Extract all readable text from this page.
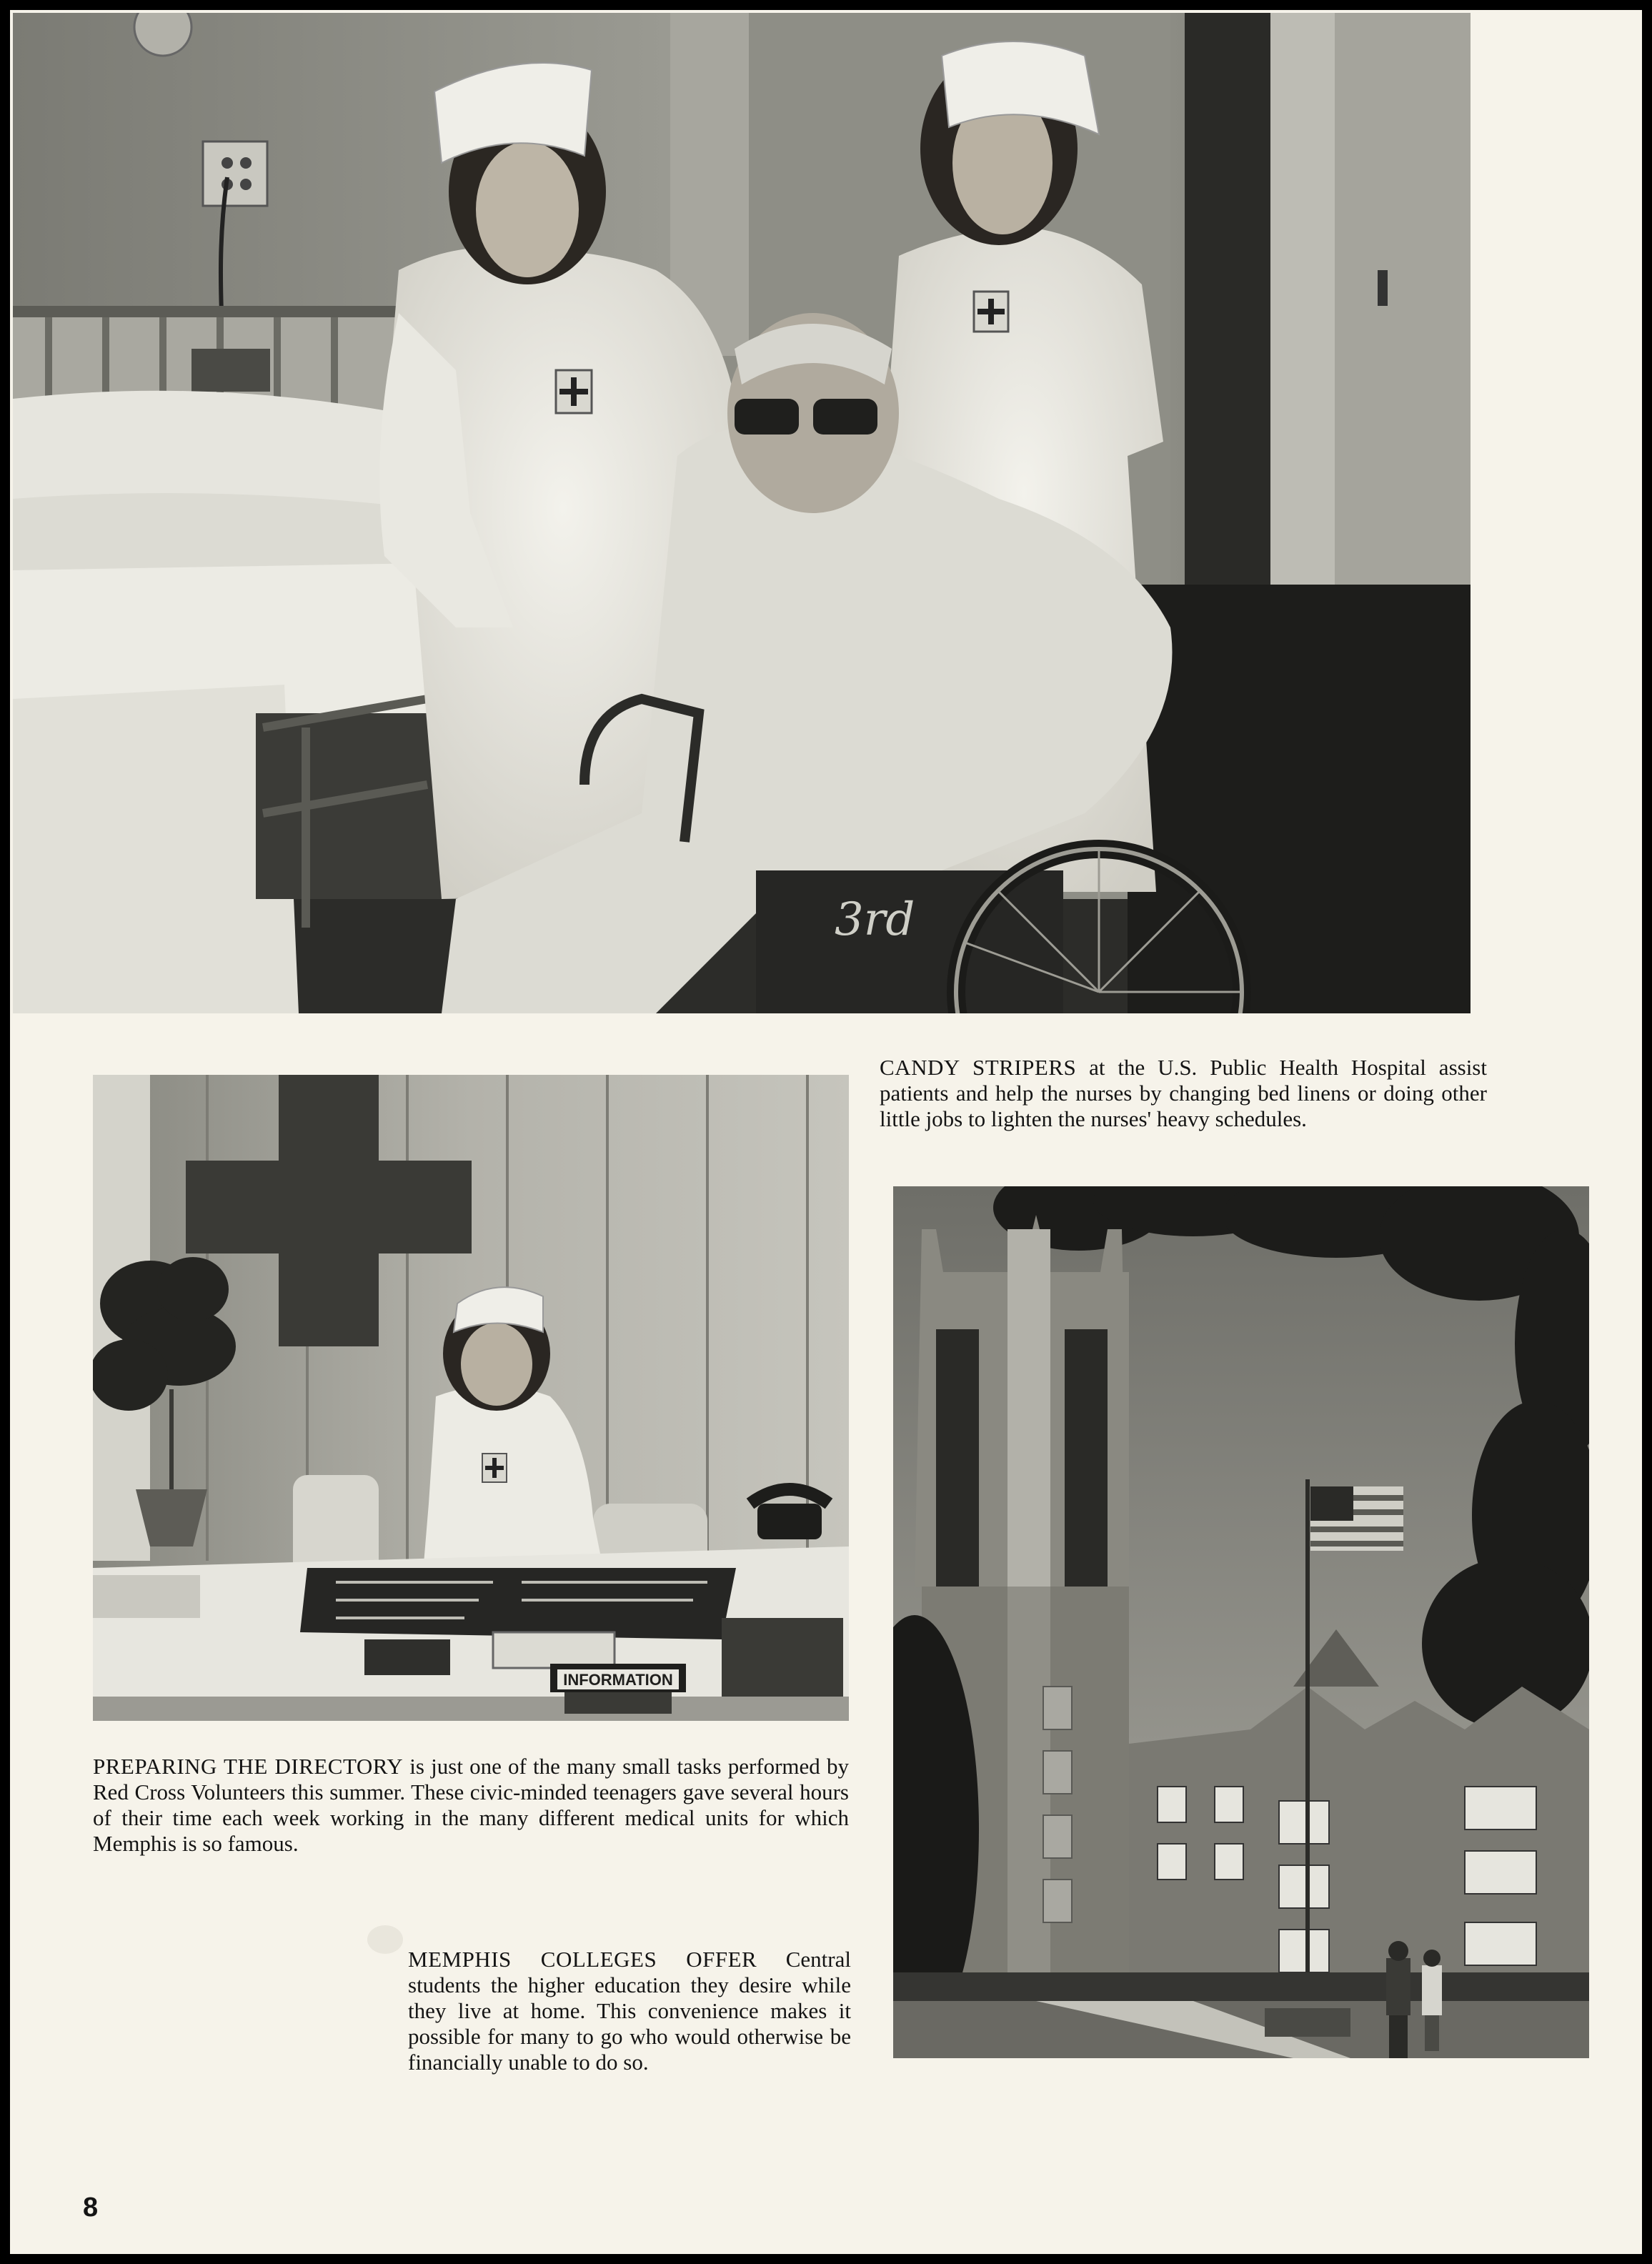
3rd
CANDY STRIPERS at the U.S. Public Health Hospital assist patients and help the nurses by changing bed linens or doing other little jobs to lighten the nurses' heavy schedules.
INFORMATION
PREPARING THE DIRECTORY is just one of the many small tasks performed by Red Cross Volunteers this summer. These civic-minded teenagers gave several hours of their time each week working in the many different medical units for which Memphis is so famous.
MEMPHIS COLLEGES OFFER Central students the higher education they desire while they live at home. This convenience makes it possible for many to go who would otherwise be financially unable to do so.
8
